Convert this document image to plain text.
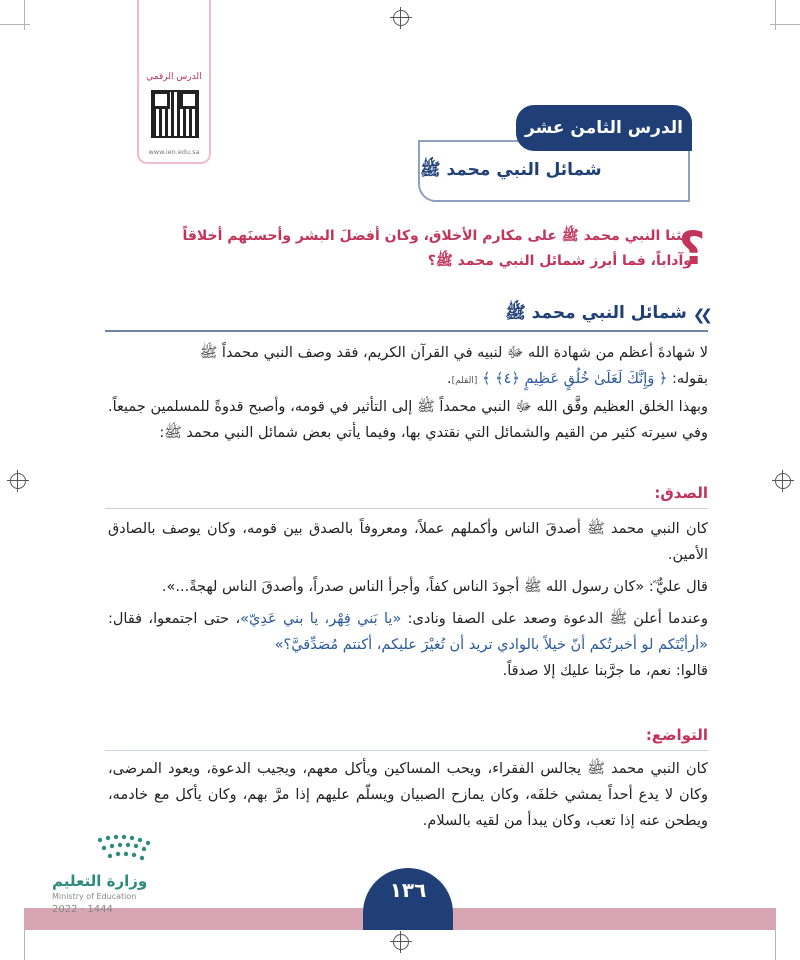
الدرس الرقمي
www.ien.edu.sa
الدرس الثامن عشر
شمائل النبي محمد ﷺ
؟
حثنا النبي محمد ﷺ على مكارم الأخلاق، وكان أفضلَ البشر وأحسنَهم أخلاقاً
وآداباً، فما أبرز شمائل النبي محمد ﷺ؟
❯❯
شمائل النبي محمد ﷺ

لا شهادةَ أعظم من شهادة الله ﷻ لنبيه في القرآن الكريم، فقد وصف النبي محمداً ﷺ

بقوله: ﴿ وَإِنَّكَ لَعَلَىٰ خُلُقٍ عَظِيمٍ ﴿٤﴾ ﴾ [القلم].

وبهذا الخلق العظيم وفَّق الله ﷻ النبي محمداً ﷺ إلى التأثير في قومه، وأصبح قدوةً للمسلمين جميعاً. وفي سيرته كثير من القيم والشمائل التي نقتدي بها، وفيما يأتي بعض شمائل النبي محمد ﷺ:

الصدق:

كان النبي محمد ﷺ أصدقَ الناس وأكملهم عملاً، ومعروفاً بالصدق بين قومه، وكان يوصف بالصادق الأمين.

قال عليٌّ ؓ: «كان رسول الله ﷺ أجودَ الناس كفاً، وأجرأ الناس صدراً، وأصدقَ الناس لهجةً...».

وعندما أعلن ﷺ الدعوة وصعد على الصفا ونادى: «يا بَني فِهْر، يا بني عَدِيّ»، حتى اجتمعوا، فقال: «أرأيْتَكم لو أخبرتُكم أنّ خيلاً بالوادي تريد أن تُغيْرَ عليكم، أكنتم مُصَدِّقيَّ؟»

قالوا: نعم، ما جرَّبنا عليك إلا صدقاً.

التواضع:

كان النبي محمد ﷺ يجالس الفقراء، ويحب المساكين ويأكل معهم، ويجيب الدعوة، ويعود المرضى، وكان لا يدع أحداً يمشي خلفَه، وكان يمازح الصبيان ويسلّم عليهم إذا مرَّ بهم، وكان يأكل مع خادمه، ويطحن عنه إذا تعب، وكان يبدأ من لقيه بالسلام.

١٣٦
وزارة التعليم
Ministry of Education
2022 - 1444
